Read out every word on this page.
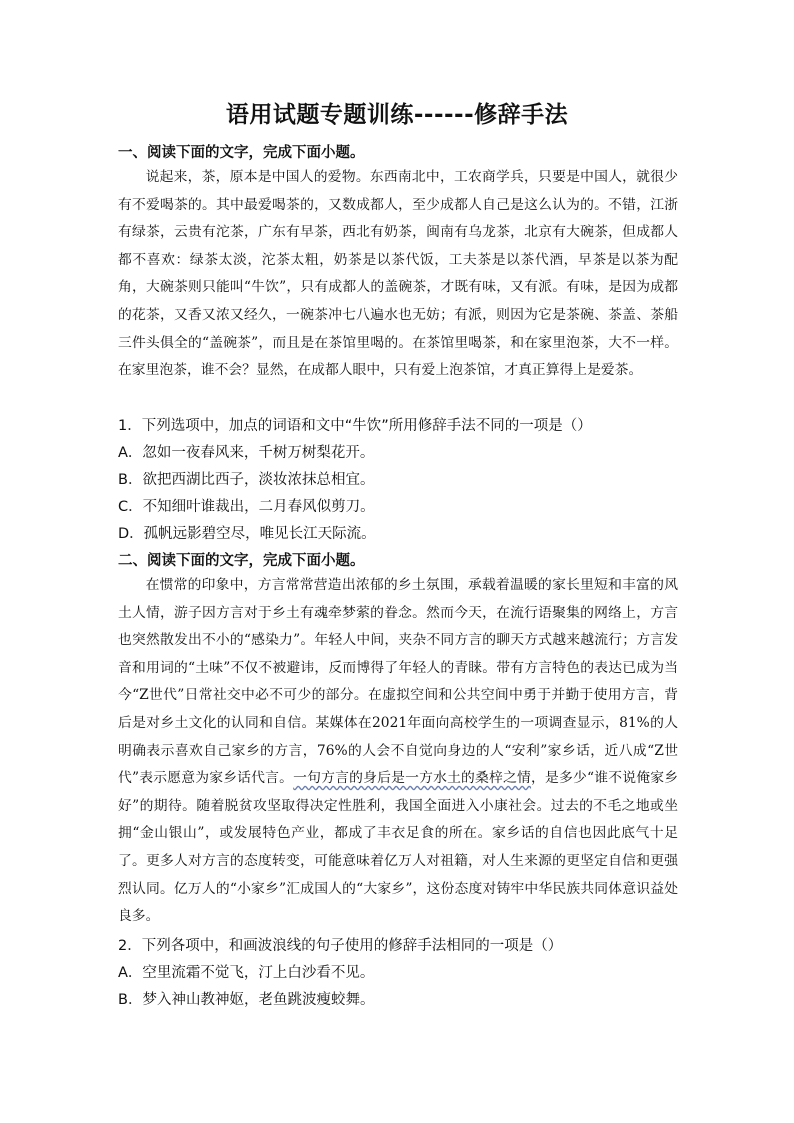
语用试题专题训练------修辞手法
一、阅读下面的文字，完成下面小题。
说起来，茶，原本是中国人的爱物。东西南北中，工农商学兵，只要是中国人，就很少有不爱喝茶的。其中最爱喝茶的，又数成都人，至少成都人自己是这么认为的。不错，江浙有绿茶，云贵有沱茶，广东有早茶，西北有奶茶，闽南有乌龙茶，北京有大碗茶，但成都人都不喜欢：绿茶太淡，沱茶太粗，奶茶是以茶代饭，工夫茶是以茶代酒，早茶是以茶为配角，大碗茶则只能叫“牛饮”，只有成都人的盖碗茶，才既有味，又有派。有味，是因为成都的花茶，又香又浓又经久，一碗茶冲七八遍水也无妨；有派，则因为它是茶碗、茶盖、茶船三件头俱全的“盖碗茶”，而且是在茶馆里喝的。在茶馆里喝茶，和在家里泡茶，大不一样。在家里泡茶，谁不会？显然，在成都人眼中，只有爱上泡茶馆，才真正算得上是爱茶。
1．下列选项中，加点的词语和文中“牛饮”所用修辞手法不同的一项是（）
A．忽如一夜春风来，千树万树梨花开。
B．欲把西湖比西子，淡妆浓抹总相宜。
C．不知细叶谁裁出，二月春风似剪刀。
D．孤帆远影碧空尽，唯见长江天际流。
二、阅读下面的文字，完成下面小题。
在惯常的印象中，方言常常营造出浓郁的乡土氛围，承载着温暖的家长里短和丰富的风土人情，游子因方言对于乡土有魂牵梦萦的眷念。然而今天，在流行语聚集的网络上，方言也突然散发出不小的“感染力”。年轻人中间，夹杂不同方言的聊天方式越来越流行；方言发音和用词的“土味”不仅不被避讳，反而博得了年轻人的青睐。带有方言特色的表达已成为当今“Z世代”日常社交中必不可少的部分。在虚拟空间和公共空间中勇于并勤于使用方言，背后是对乡土文化的认同和自信。某媒体在2021年面向高校学生的一项调查显示，81%的人明确表示喜欢自己家乡的方言，76%的人会不自觉向身边的人“安利”家乡话，近八成“Z世代”表示愿意为家乡话代言。一句方言的身后是一方水土的桑梓之情，是多少“谁不说俺家乡好”的期待。随着脱贫攻坚取得决定性胜利，我国全面进入小康社会。过去的不毛之地或坐拥“金山银山”，或发展特色产业，都成了丰衣足食的所在。家乡话的自信也因此底气十足了。更多人对方言的态度转变，可能意味着亿万人对祖籍，对人生来源的更坚定自信和更强烈认同。亿万人的“小家乡”汇成国人的“大家乡”，这份态度对铸牢中华民族共同体意识益处良多。
2．下列各项中，和画波浪线的句子使用的修辞手法相同的一项是（）
A．空里流霜不觉飞，汀上白沙看不见。
B．梦入神山教神妪，老鱼跳波瘦蛟舞。
